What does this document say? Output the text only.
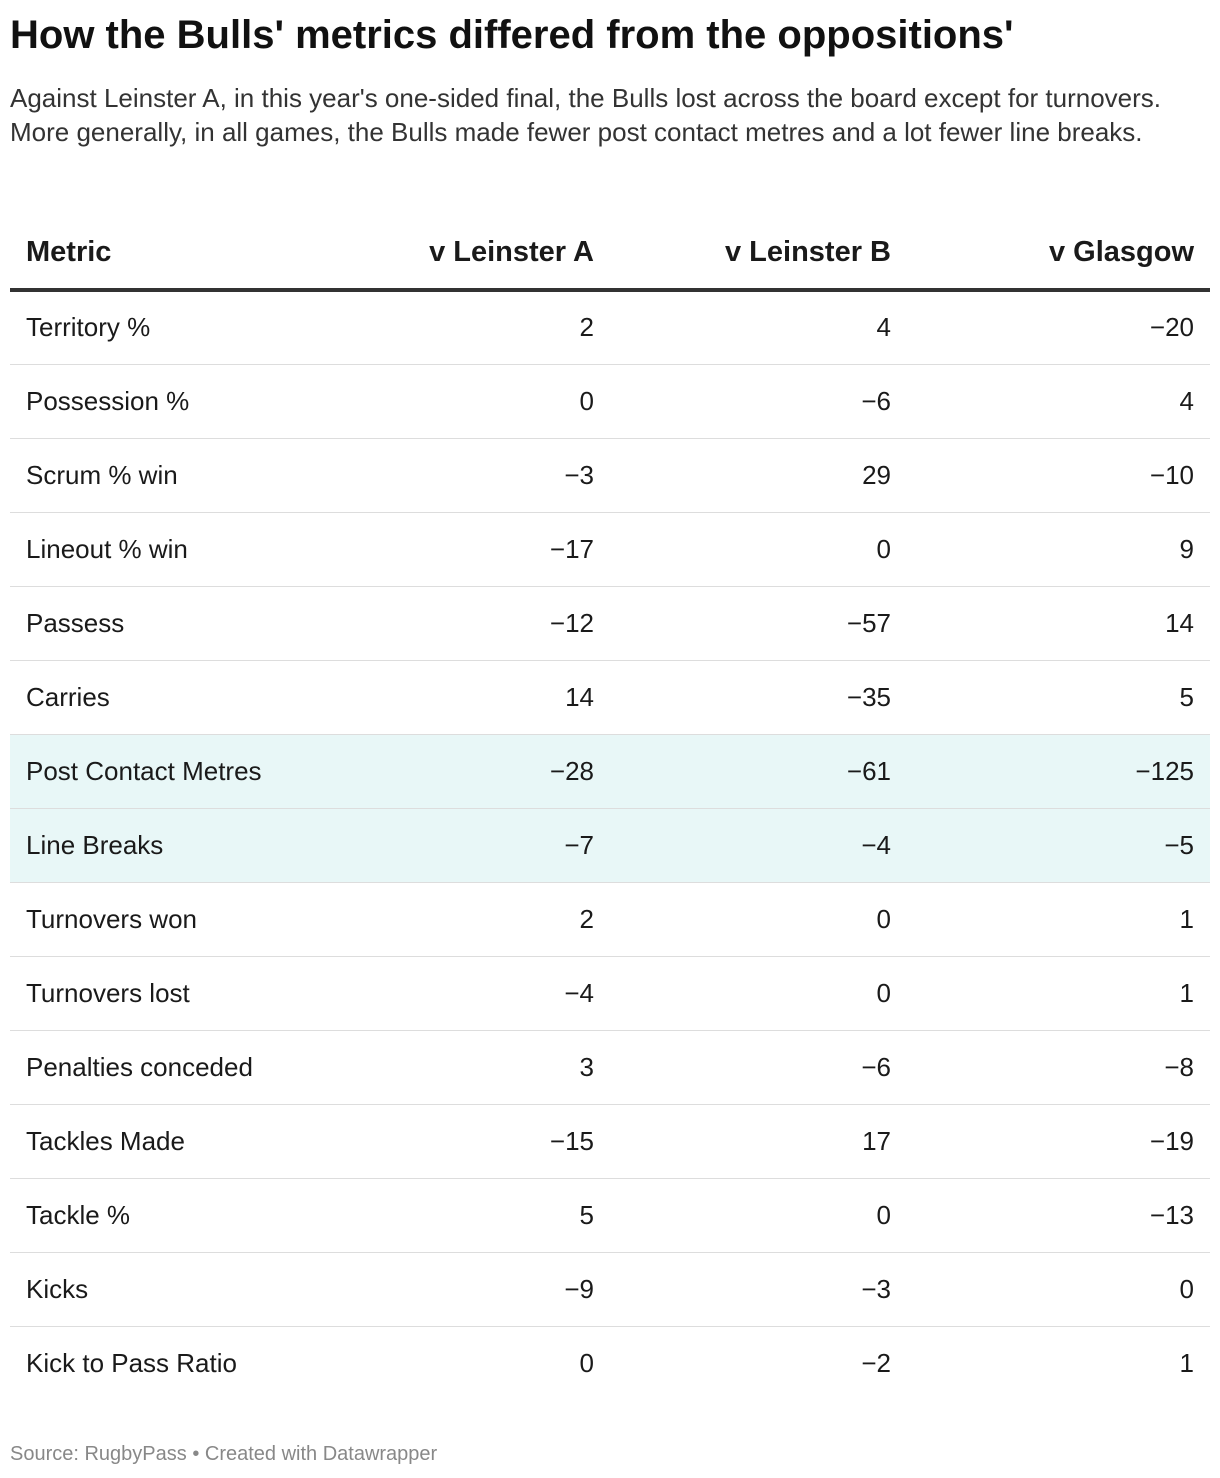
How the Bulls' metrics differed from the oppositions'

Against Leinster A, in this year's one-sided final, the Bulls lost across the board except for turnovers. More generally, in all games, the Bulls made fewer post contact metres and a lot fewer line breaks.

Metric	v Leinster A	v Leinster B	v Glasgow
Territory %	2	4	−20
Possession %	0	−6	4
Scrum % win	−3	29	−10
Lineout % win	−17	0	9
Passess	−12	−57	14
Carries	14	−35	5
Post Contact Metres	−28	−61	−125
Line Breaks	−7	−4	−5
Turnovers won	2	0	1
Turnovers lost	−4	0	1
Penalties conceded	3	−6	−8
Tackles Made	−15	17	−19
Tackle %	5	0	−13
Kicks	−9	−3	0
Kick to Pass Ratio	0	−2	1
Source: RugbyPass • Created with Datawrapper
